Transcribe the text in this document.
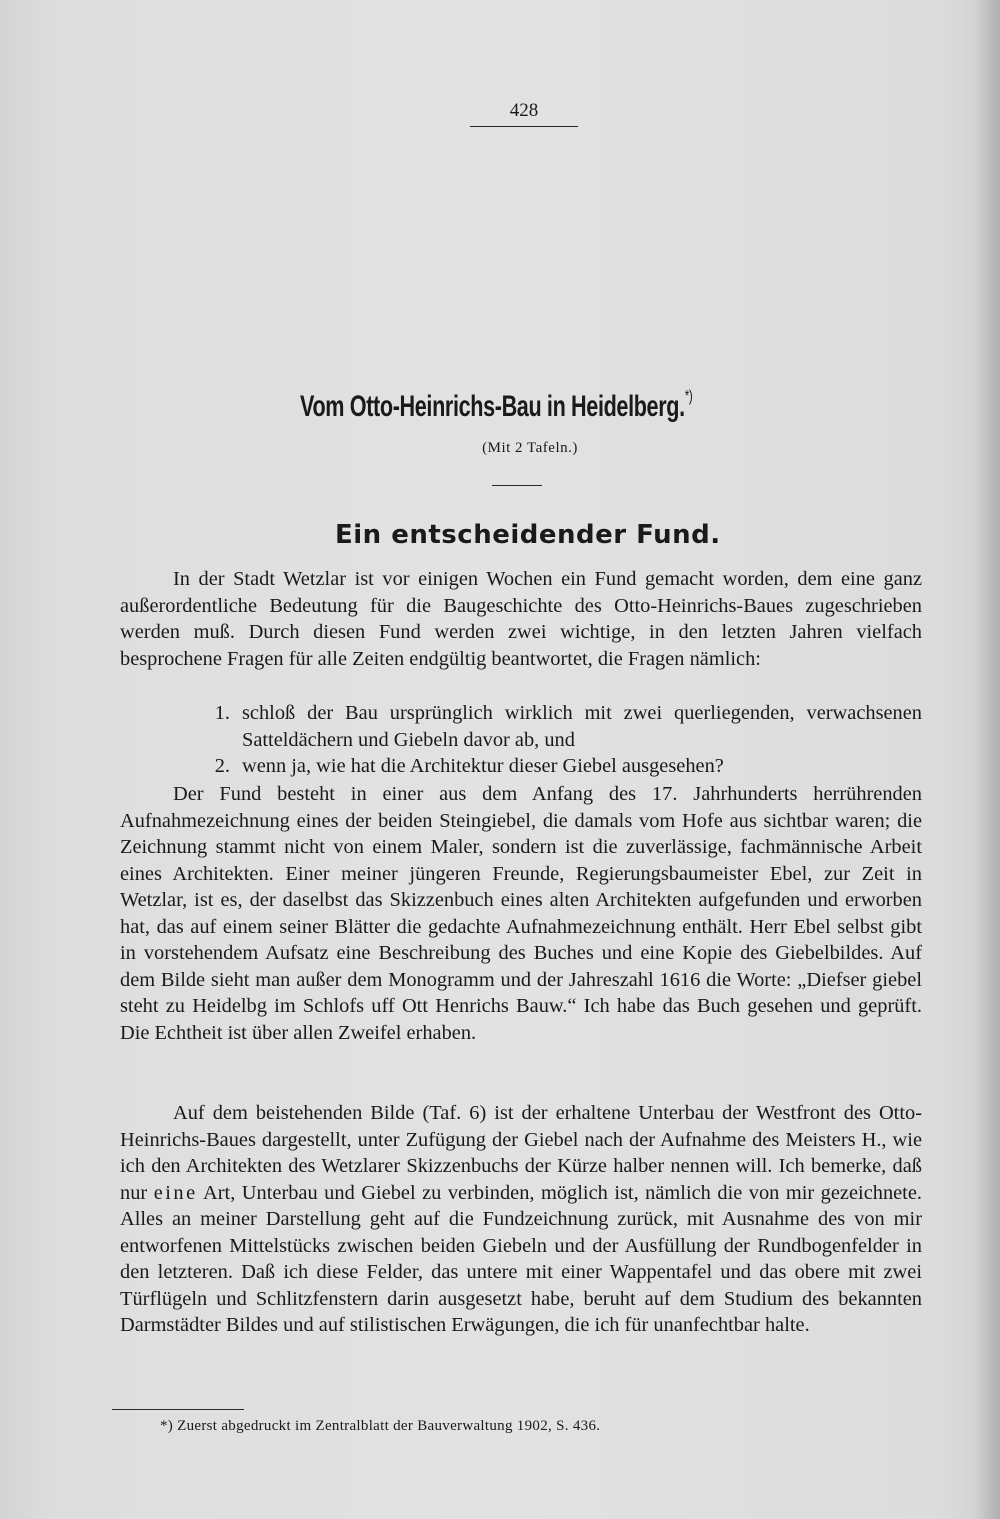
428
Vom Otto-Heinrichs-Bau in Heidelberg.*)
(Mit 2 Tafeln.)
Ein entscheidender Fund.

In der Stadt Wetzlar ist vor einigen Wochen ein Fund gemacht worden, dem eine ganz außerordentliche Bedeutung für die Baugeschichte des Otto-Heinrichs-Baues zugeschrieben werden muß. Durch diesen Fund werden zwei wichtige, in den letzten Jahren vielfach besprochene Fragen für alle Zeiten endgültig beantwortet, die Fragen nämlich:

1. schloß der Bau ursprünglich wirklich mit zwei querliegenden, verwachsenen Satteldächern und Giebeln davor ab, und
2. wenn ja, wie hat die Architektur dieser Giebel ausgesehen?

Der Fund besteht in einer aus dem Anfang des 17. Jahrhunderts herrührenden Aufnahmezeichnung eines der beiden Steingiebel, die damals vom Hofe aus sichtbar waren; die Zeichnung stammt nicht von einem Maler, sondern ist die zuverlässige, fachmännische Arbeit eines Architekten. Einer meiner jüngeren Freunde, Regierungsbaumeister Ebel, zur Zeit in Wetzlar, ist es, der daselbst das Skizzenbuch eines alten Architekten aufgefunden und erworben hat, das auf einem seiner Blätter die gedachte Aufnahmezeichnung enthält. Herr Ebel selbst gibt in vorstehendem Aufsatz eine Beschreibung des Buches und eine Kopie des Giebelbildes. Auf dem Bilde sieht man außer dem Monogramm und der Jahreszahl 1616 die Worte: „Diefser giebel steht zu Heidelbg im Schlofs uff Ott Henrichs Bauw.“ Ich habe das Buch gesehen und geprüft. Die Echtheit ist über allen Zweifel erhaben.

Auf dem beistehenden Bilde (Taf. 6) ist der erhaltene Unterbau der Westfront des Otto-Heinrichs-Baues dargestellt, unter Zufügung der Giebel nach der Aufnahme des Meisters H., wie ich den Architekten des Wetzlarer Skizzenbuchs der Kürze halber nennen will. Ich bemerke, daß nur eine Art, Unterbau und Giebel zu verbinden, möglich ist, nämlich die von mir gezeichnete. Alles an meiner Darstellung geht auf die Fundzeichnung zurück, mit Ausnahme des von mir entworfenen Mittelstücks zwischen beiden Giebeln und der Ausfüllung der Rundbogenfelder in den letzteren. Daß ich diese Felder, das untere mit einer Wappentafel und das obere mit zwei Türflügeln und Schlitzfenstern darin ausgesetzt habe, beruht auf dem Studium des bekannten Darmstädter Bildes und auf stilistischen Erwägungen, die ich für unanfechtbar halte.

*) Zuerst abgedruckt im Zentralblatt der Bauverwaltung 1902, S. 436.
